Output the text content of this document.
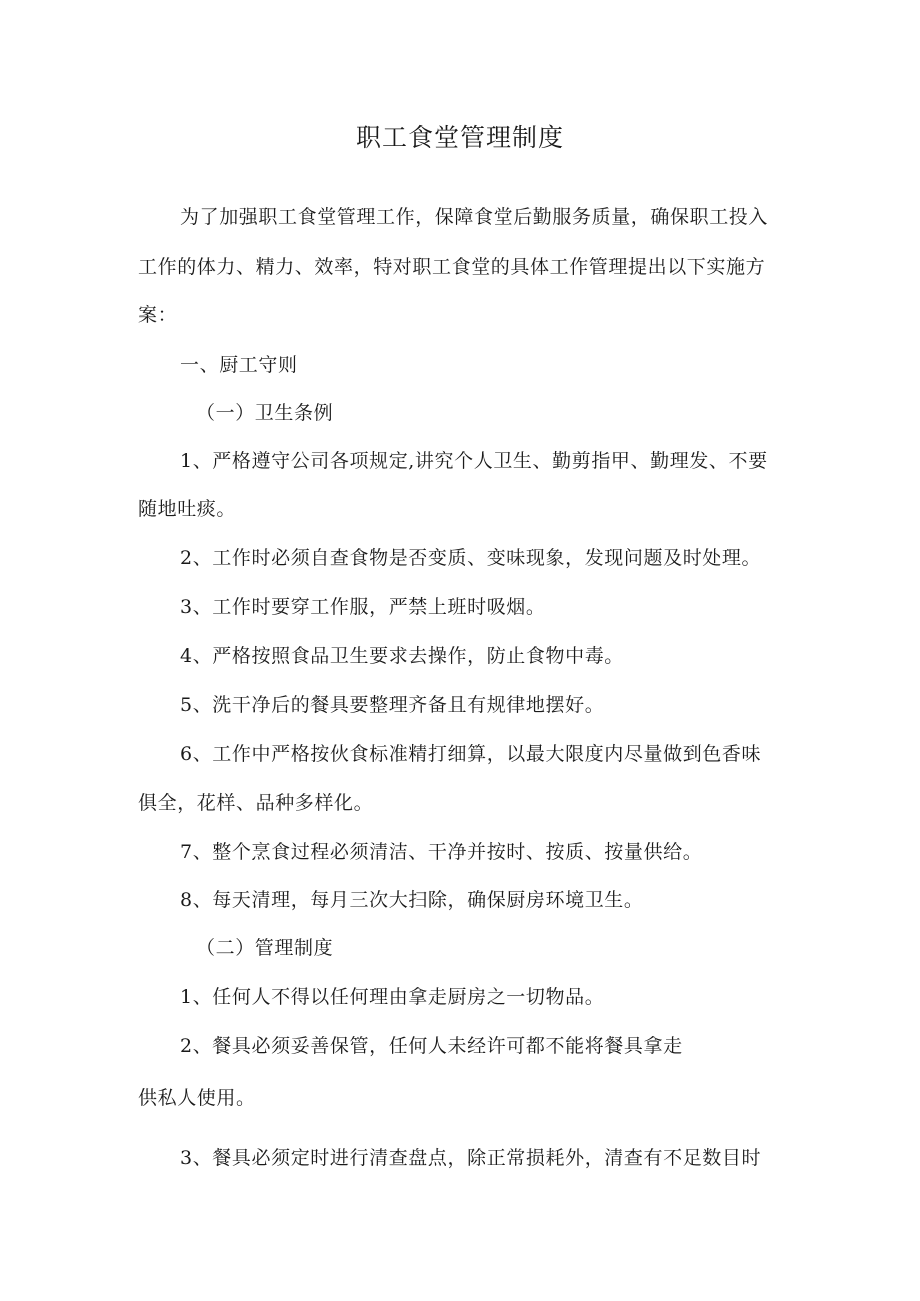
职工食堂管理制度
为了加强职工食堂管理工作，保障食堂后勤服务质量，确保职工投入
工作的体力、精力、效率，特对职工食堂的具体工作管理提出以下实施方
案：
一、厨工守则
（一）卫生条例
1、严格遵守公司各项规定,讲究个人卫生、勤剪指甲、勤理发、不要
随地吐痰。
2、工作时必须自查食物是否变质、变味现象，发现问题及时处理。
3、工作时要穿工作服，严禁上班时吸烟。
4、严格按照食品卫生要求去操作，防止食物中毒。
5、洗干净后的餐具要整理齐备且有规律地摆好。
6、工作中严格按伙食标准精打细算，以最大限度内尽量做到色香味
俱全，花样、品种多样化。
7、整个烹食过程必须清洁、干净并按时、按质、按量供给。
8、每天清理，每月三次大扫除，确保厨房环境卫生。
（二）管理制度
1、任何人不得以任何理由拿走厨房之一切物品。
2、餐具必须妥善保管，任何人未经许可都不能将餐具拿走
供私人使用。
3、餐具必须定时进行清查盘点，除正常损耗外，清查有不足数目时
